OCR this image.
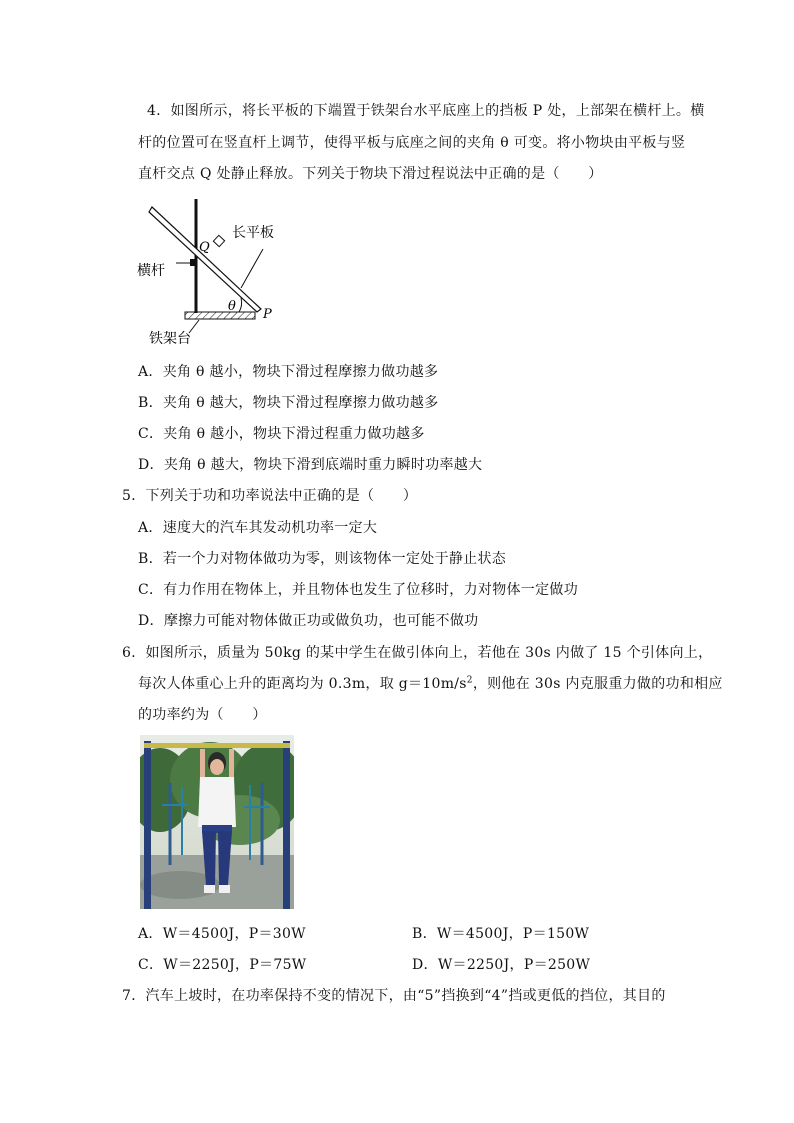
4．如图所示，将长平板的下端置于铁架台水平底座上的挡板 P 处，上部架在横杆上。横
杆的位置可在竖直杆上调节，使得平板与底座之间的夹角 θ 可变。将小物块由平板与竖
直杆交点 Q 处静止释放。下列关于物块下滑过程说法中正确的是（　　）
Q
长平板
横杆
θ
P
铁架台
A．夹角 θ 越小，物块下滑过程摩擦力做功越多
B．夹角 θ 越大，物块下滑过程摩擦力做功越多
C．夹角 θ 越小，物块下滑过程重力做功越多
D．夹角 θ 越大，物块下滑到底端时重力瞬时功率越大
5．下列关于功和功率说法中正确的是（　　）
A．速度大的汽车其发动机功率一定大
B．若一个力对物体做功为零，则该物体一定处于静止状态
C．有力作用在物体上，并且物体也发生了位移时，力对物体一定做功
D．摩擦力可能对物体做正功或做负功，也可能不做功
6．如图所示，质量为 50kg 的某中学生在做引体向上，若他在 30s 内做了 15 个引体向上，
每次人体重心上升的距离均为 0.3m，取 $g=10m/s^2$，则他在 30s 内克服重力做的功和相应
的功率约为（　　）
A．W＝4500J，P＝30W	B．W＝4500J，P＝150W
C．W＝2250J，P＝75W	D．W＝2250J，P＝250W
7．汽车上坡时，在功率保持不变的情况下，由“5”挡换到“4”挡或更低的挡位，其目的
